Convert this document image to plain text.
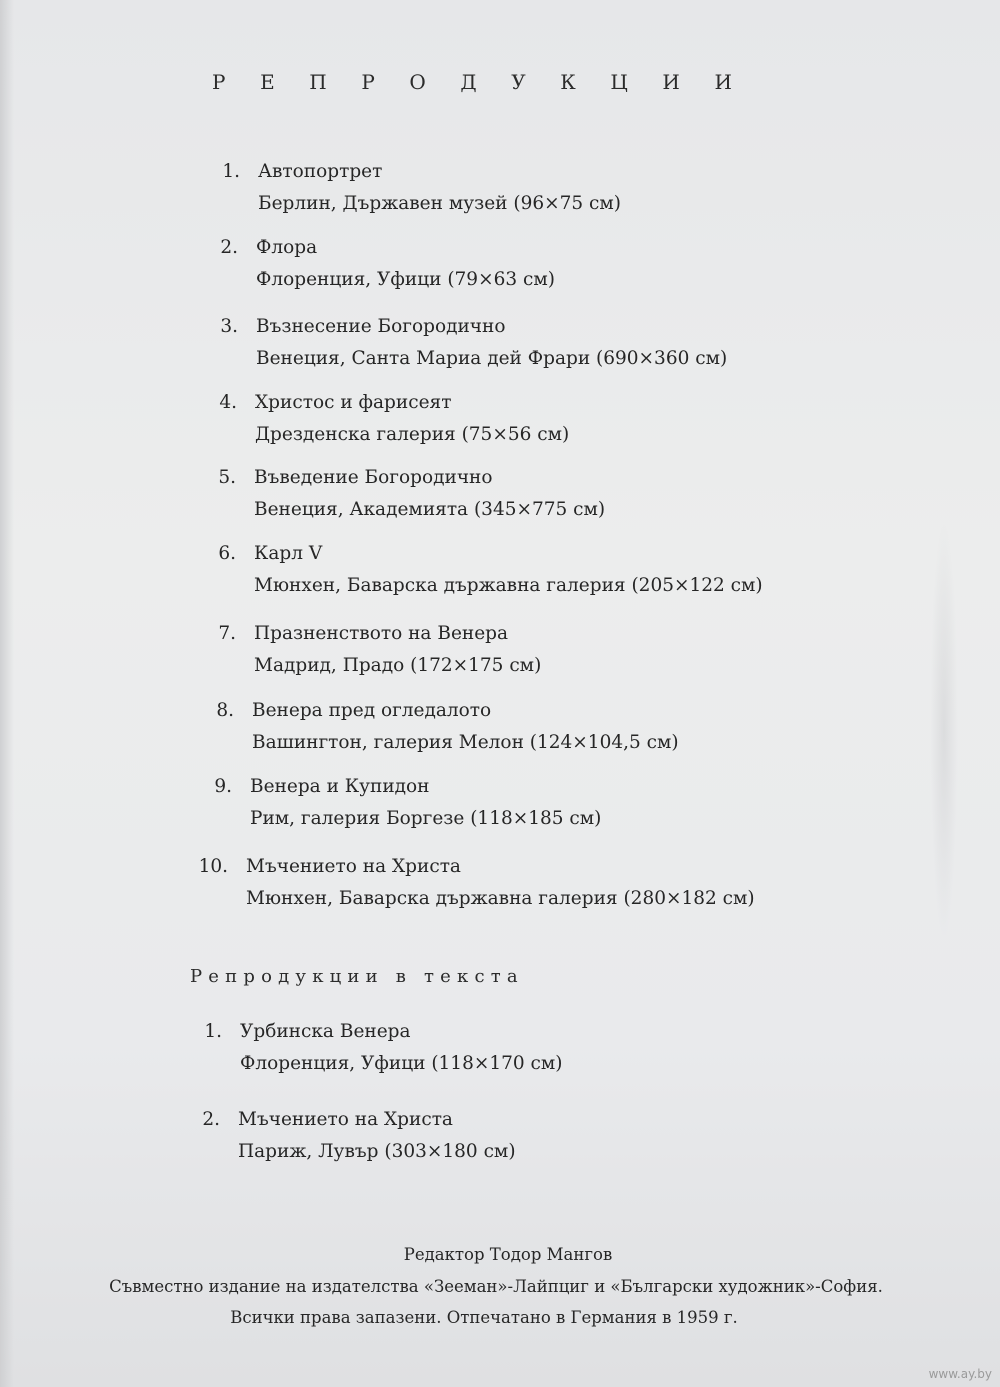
Р Е П Р О Д У К Ц И И
1. Автопортрет
Берлин, Държавен музей (96×75 см)
2. Флора
Флоренция, Уфици (79×63 см)
3. Възнесение Богородично
Венеция, Санта Мариа дей Фрари (690×360 см)
4. Христос и фарисеят
Дрезденска галерия (75×56 см)
5. Въведение Богородично
Венеция, Академията (345×775 см)
6. Карл V
Мюнхен, Баварска държавна галерия (205×122 см)
7. Празненството на Венера
Мадрид, Прадо (172×175 см)
8. Венера пред огледалото
Вашингтон, галерия Мелон (124×104,5 см)
9. Венера и Купидон
Рим, галерия Боргезе (118×185 см)
10. Мъчението на Христа
Мюнхен, Баварска държавна галерия (280×182 см)
Репродукции в текста
1. Урбинска Венера
Флоренция, Уфици (118×170 см)
2. Мъчението на Христа
Париж, Лувър (303×180 см)
Редактор Тодор Мангов
Съвместно издание на издателства «Зееман»-Лайпциг и «Български художник»-София.
Всички права запазени. Отпечатано в Германия в 1959 г.
www.ay.by
